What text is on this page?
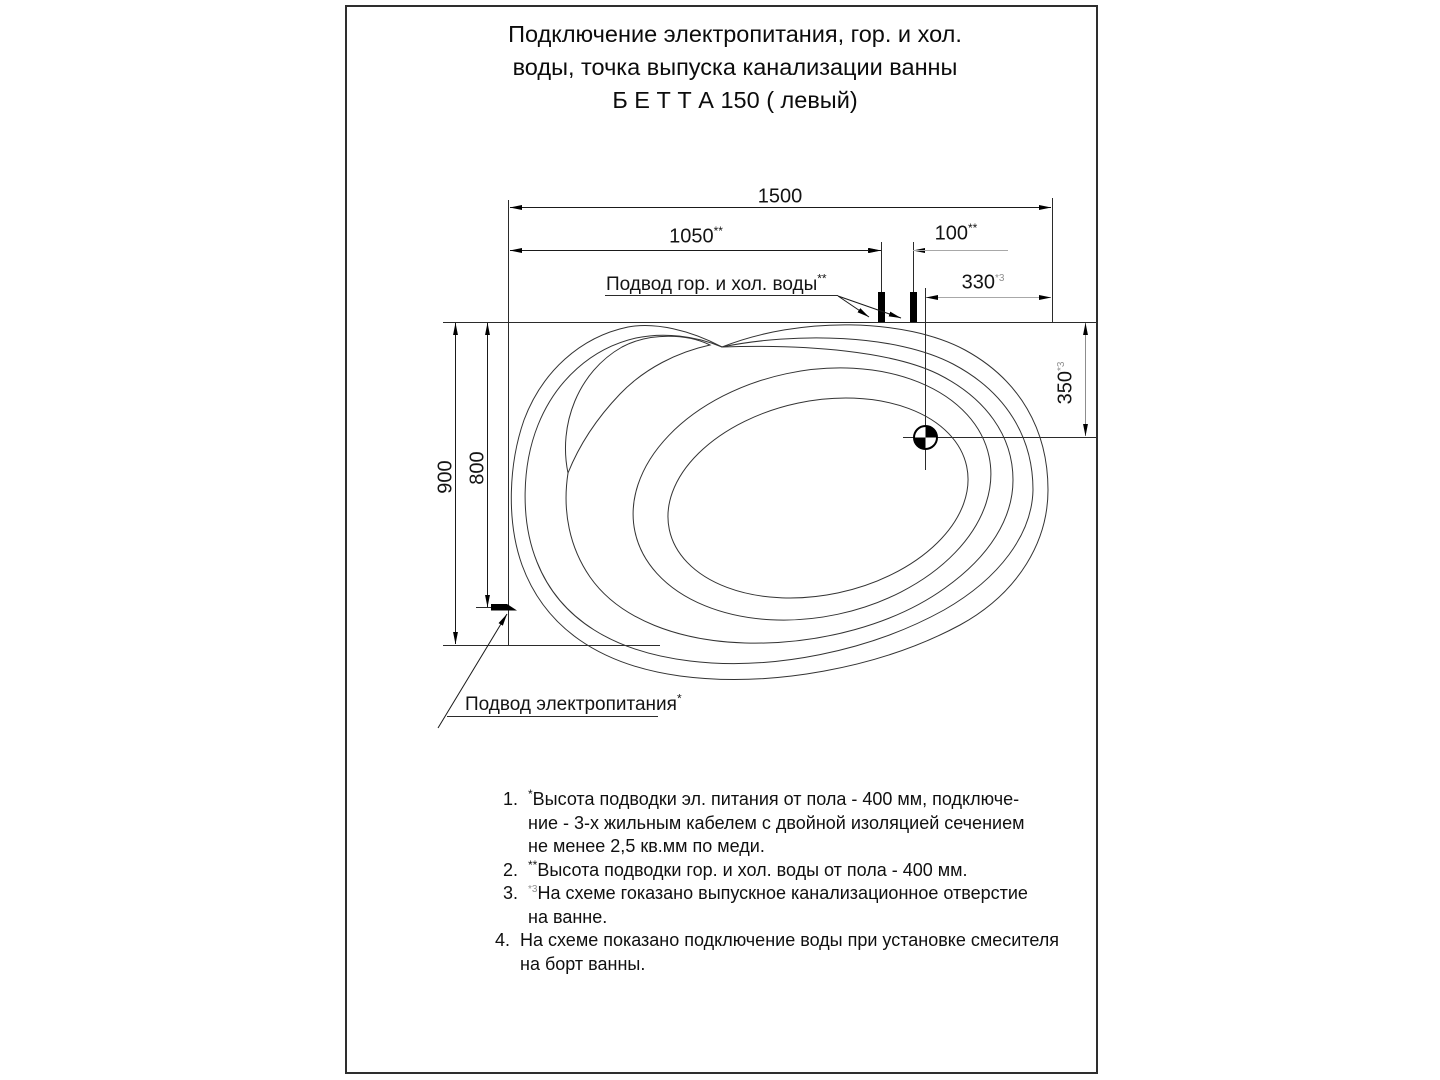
Подключение электропитания, гор. и хол.
воды, точка выпуска канализации ванны
Б Е Т Т А 150 ( левый)
1500
1050**	100**
330$^{*3}$
350$^{*3}$
900 800
Подвод гор. и хол. воды**
Подвод электропитания*
1. *Высота подводки эл. питания от пола - 400 мм, подключе-
ние - 3-х жильным кабелем с двойной изоляцией сечением
не менее 2,5 кв.мм по меди.
2. **Высота подводки гор. и хол. воды от пола - 400 мм.
3. $^{*3}$На схеме гоказано выпускное канализационное отверстие
на ванне.
4. На схеме показано подключение воды при установке смесителя
на борт ванны.
